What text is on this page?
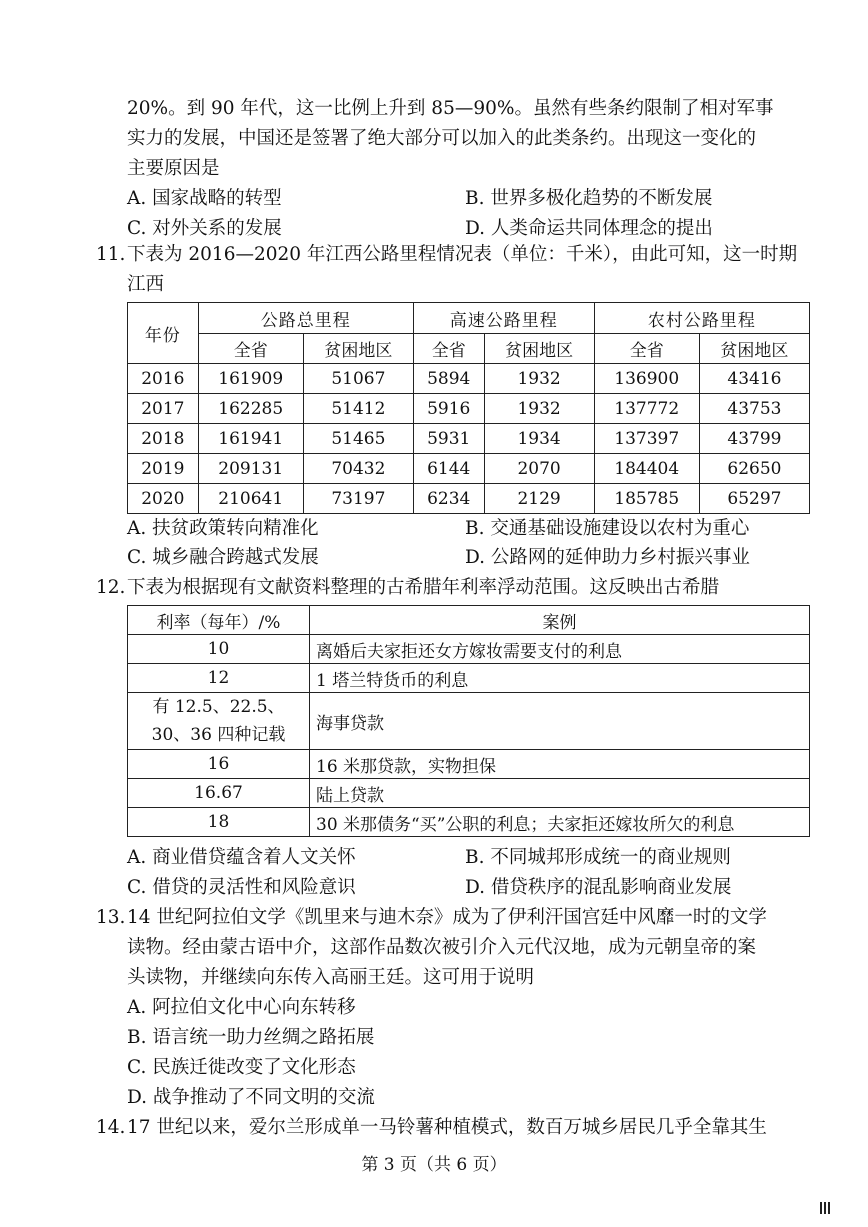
20%。到 90 年代，这一比例上升到 85—90%。虽然有些条约限制了相对军事
实力的发展，中国还是签署了绝大部分可以加入的此类条约。出现这一变化的
主要原因是
A. 国家战略的转型	B. 世界多极化趋势的不断发展
C. 对外关系的发展	D. 人类命运共同体理念的提出
11. 下表为 2016—2020 年江西公路里程情况表（单位：千米），由此可知，这一时期
江西
年份	公路总里程		高速公路里程		农村公路里程	
	全省	贫困地区	全省	贫困地区	全省	贫困地区
2016	161909	51067	5894	1932	136900	43416
2017	162285	51412	5916	1932	137772	43753
2018	161941	51465	5931	1934	137397	43799
2019	209131	70432	6144	2070	184404	62650
2020	210641	73197	6234	2129	185785	65297
A. 扶贫政策转向精准化	B. 交通基础设施建设以农村为重心
C. 城乡融合跨越式发展	D. 公路网的延伸助力乡村振兴事业
12. 下表为根据现有文献资料整理的古希腊年利率浮动范围。这反映出古希腊
利率（每年）/%	案例
10	离婚后夫家拒还女方嫁妆需要支付的利息
12	1 塔兰特货币的利息
有 12.5、22.5、30、36 四种记载	海事贷款
16	16 米那贷款，实物担保
16.67	陆上贷款
18	30 米那债务“买”公职的利息；夫家拒还嫁妆所欠的利息
A. 商业借贷蕴含着人文关怀	B. 不同城邦形成统一的商业规则
C. 借贷的灵活性和风险意识	D. 借贷秩序的混乱影响商业发展
13. 14 世纪阿拉伯文学《凯里来与迪木奈》成为了伊利汗国宫廷中风靡一时的文学
读物。经由蒙古语中介，这部作品数次被引介入元代汉地，成为元朝皇帝的案
头读物，并继续向东传入高丽王廷。这可用于说明
A. 阿拉伯文化中心向东转移
B. 语言统一助力丝绸之路拓展
C. 民族迁徙改变了文化形态
D. 战争推动了不同文明的交流
14. 17 世纪以来，爱尔兰形成单一马铃薯种植模式，数百万城乡居民几乎全靠其生
第 3 页（共 6 页）
